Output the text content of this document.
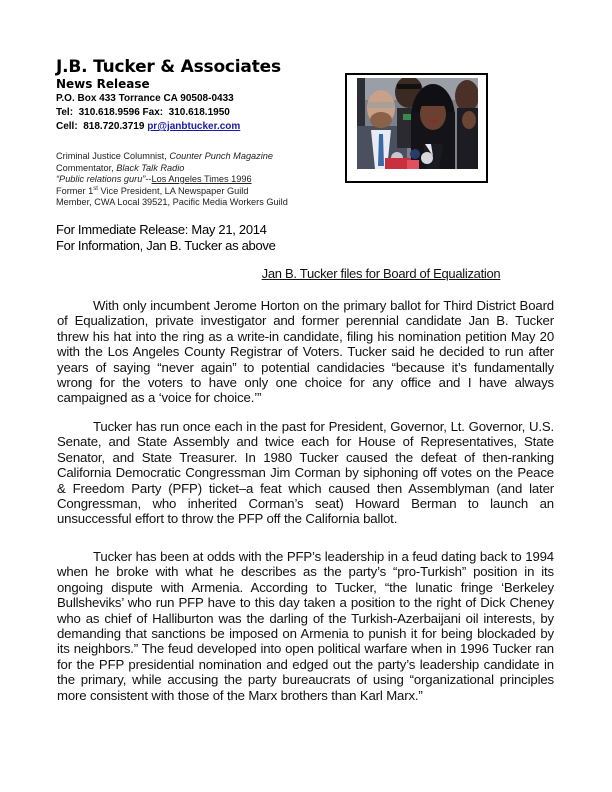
J.B. Tucker & Associates
News Release
P.O. Box 433 Torrance CA 90508-0433
Tel:  310.618.9596 Fax:  310.618.1950
Cell:  818.720.3719 pr@janbtucker.com
Criminal Justice Columnist, Counter Punch Magazine
Commentator, Black Talk Radio
“Public relations guru”--Los Angeles Times 1996
Former 1st Vice President, LA Newspaper Guild
Member, CWA Local 39521, Pacific Media Workers Guild
For Immediate Release: May 21, 2014
For Information, Jan B. Tucker as above
Jan B. Tucker files for Board of Equalization

With only incumbent Jerome Horton on the primary ballot for Third District Board of Equalization, private investigator and former perennial candidate Jan B. Tucker threw his hat into the ring as a write-in candidate, filing his nomination petition May 20 with the Los Angeles County Registrar of Voters. Tucker said he decided to run after years of saying “never again” to potential candidacies “because it’s fundamentally wrong for the voters to have only one choice for any office and I have always campaigned as a ‘voice for choice.’”

Tucker has run once each in the past for President, Governor, Lt. Governor, U.S. Senate, and State Assembly and twice each for House of Representatives, State Senator, and State Treasurer. In 1980 Tucker caused the defeat of then-ranking California Democratic Congressman Jim Corman by siphoning off votes on the Peace & Freedom Party (PFP) ticket–a feat which caused then Assemblyman (and later Congressman, who inherited Corman’s seat) Howard Berman to launch an unsuccessful effort to throw the PFP off the California ballot.

Tucker has been at odds with the PFP’s leadership in a feud dating back to 1994 when he broke with what he describes as the party’s “pro-Turkish” position in its ongoing dispute with Armenia. According to Tucker, “the lunatic fringe ‘Berkeley Bullsheviks’ who run PFP have to this day taken a position to the right of Dick Cheney who as chief of Halliburton was the darling of the Turkish-Azerbaijani oil interests, by demanding that sanctions be imposed on Armenia to punish it for being blockaded by its neighbors.” The feud developed into open political warfare when in 1996 Tucker ran for the PFP presidential nomination and edged out the party’s leadership candidate in the primary, while accusing the party bureaucrats of using “organizational principles more consistent with those of the Marx brothers than Karl Marx.”
